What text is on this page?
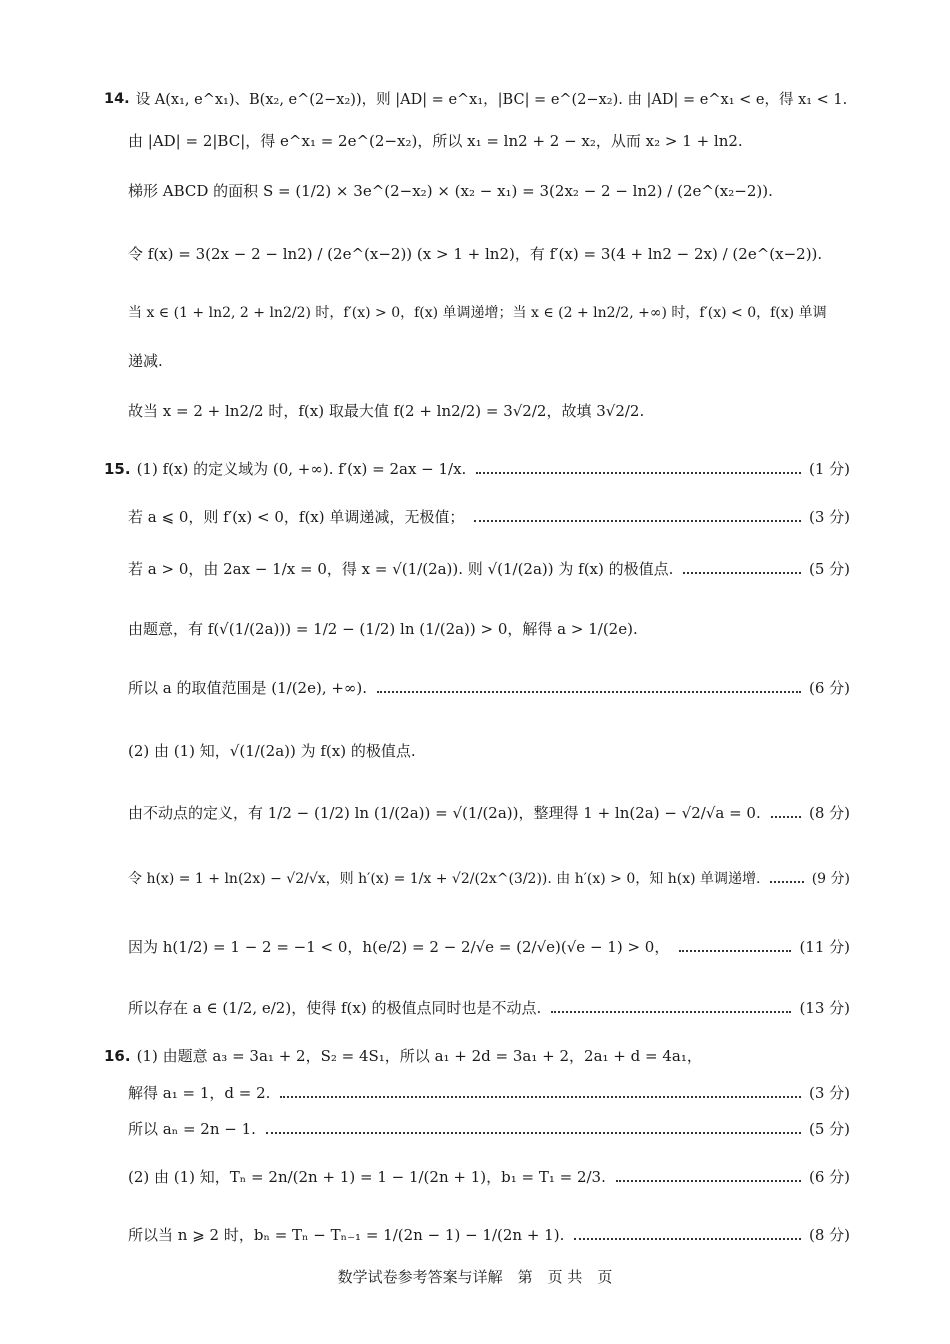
14. 设 A(x₁, e^x₁)、B(x₂, e^(2−x₂))，则 |AD| = e^x₁，|BC| = e^(2−x₂). 由 |AD| = e^x₁ < e，得 x₁ < 1.
由 |AD| = 2|BC|，得 e^x₁ = 2e^(2−x₂)，所以 x₁ = ln2 + 2 − x₂，从而 x₂ > 1 + ln2.
梯形 ABCD 的面积 S = (1/2) × 3e^(2−x₂) × (x₂ − x₁) = 3(2x₂ − 2 − ln2) / (2e^(x₂−2)).
令 f(x) = 3(2x − 2 − ln2) / (2e^(x−2)) (x > 1 + ln2)，有 f′(x) = 3(4 + ln2 − 2x) / (2e^(x−2)).
当 x ∈ (1 + ln2, 2 + ln2/2) 时，f′(x) > 0，f(x) 单调递增；当 x ∈ (2 + ln2/2, +∞) 时，f′(x) < 0，f(x) 单调
递减.
故当 x = 2 + ln2/2 时，f(x) 取最大值 f(2 + ln2/2) = 3√2/2，故填 3√2/2.
15. (1) f(x) 的定义域为 (0, +∞). f′(x) = 2ax − 1/x.	(1 分)
若 a ⩽ 0，则 f′(x) < 0，f(x) 单调递减，无极值；	(3 分)
若 a > 0，由 2ax − 1/x = 0，得 x = √(1/(2a)). 则 √(1/(2a)) 为 f(x) 的极值点.	(5 分)
由题意，有 f(√(1/(2a))) = 1/2 − (1/2) ln (1/(2a)) > 0，解得 a > 1/(2e).
所以 a 的取值范围是 (1/(2e), +∞).	(6 分)
(2) 由 (1) 知，√(1/(2a)) 为 f(x) 的极值点.
由不动点的定义，有 1/2 − (1/2) ln (1/(2a)) = √(1/(2a))，整理得 1 + ln(2a) − √2/√a = 0.	(8 分)
令 h(x) = 1 + ln(2x) − √2/√x，则 h′(x) = 1/x + √2/(2x^(3/2)). 由 h′(x) > 0，知 h(x) 单调递增.	(9 分)
因为 h(1/2) = 1 − 2 = −1 < 0，h(e/2) = 2 − 2/√e = (2/√e)(√e − 1) > 0，	(11 分)
所以存在 a ∈ (1/2, e/2)，使得 f(x) 的极值点同时也是不动点.	(13 分)
16. (1) 由题意 a₃ = 3a₁ + 2，S₂ = 4S₁，所以 a₁ + 2d = 3a₁ + 2，2a₁ + d = 4a₁，
解得 a₁ = 1，d = 2.	(3 分)
所以 aₙ = 2n − 1.	(5 分)
(2) 由 (1) 知，Tₙ = 2n/(2n + 1) = 1 − 1/(2n + 1)，b₁ = T₁ = 2/3.	(6 分)
所以当 n ⩾ 2 时，bₙ = Tₙ − Tₙ₋₁ = 1/(2n − 1) − 1/(2n + 1).	(8 分)
数学试卷参考答案与详解　第　页 共　页
